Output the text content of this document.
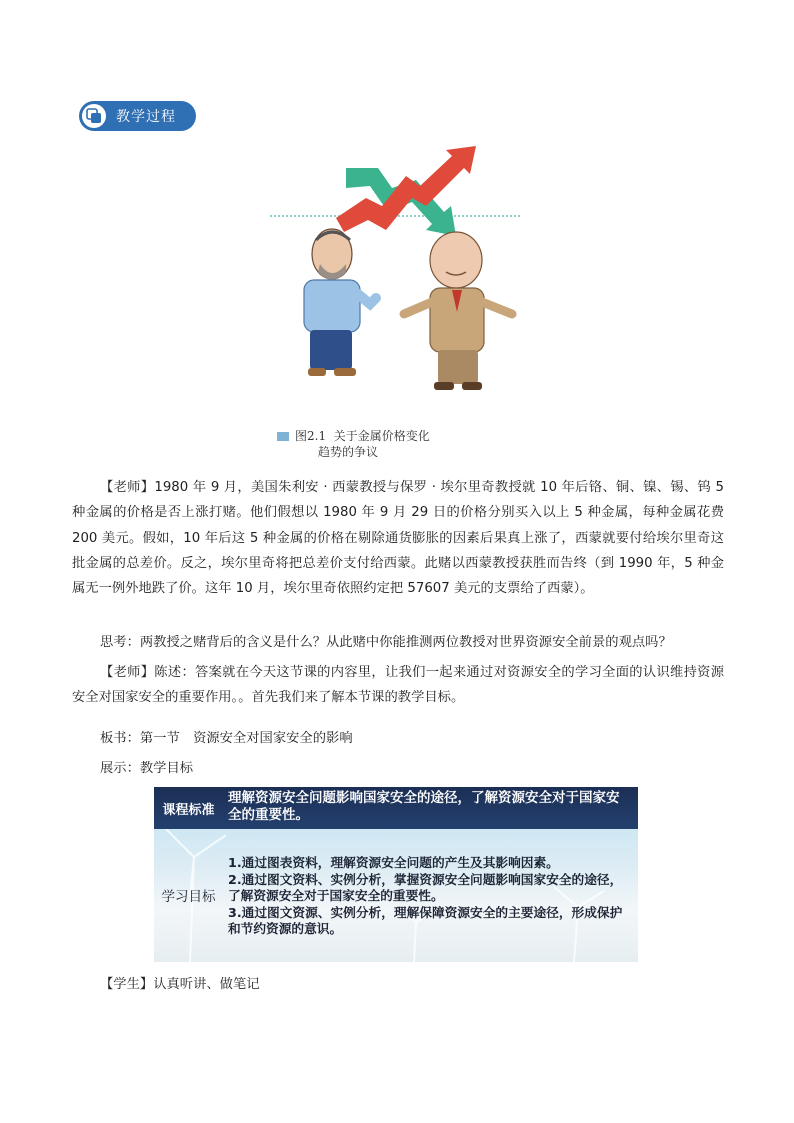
教学过程
图2.1 关于金属价格变化
趋势的争议
【老师】1980 年 9 月，美国朱利安 · 西蒙教授与保罗 · 埃尔里奇教授就 10 年后铬、铜、镍、锡、钨 5 种金属的价格是否上涨打赌。他们假想以 1980 年 9 月 29 日的价格分别买入以上 5 种金属，每种金属花费 200 美元。假如，10 年后这 5 种金属的价格在剔除通货膨胀的因素后果真上涨了，西蒙就要付给埃尔里奇这批金属的总差价。反之，埃尔里奇将把总差价支付给西蒙。此赌以西蒙教授获胜而告终（到 1990 年，5 种金属无一例外地跌了价。这年 10 月，埃尔里奇依照约定把 57607 美元的支票给了西蒙）。
思考：两教授之赌背后的含义是什么？从此赌中你能推测两位教授对世界资源安全前景的观点吗？
【老师】陈述：答案就在今天这节课的内容里，让我们一起来通过对资源安全的学习全面的认识维持资源安全对国家安全的重要作用。。首先我们来了解本节课的教学目标。
板书：第一节　资源安全对国家安全的影响
展示：教学目标
课程标准
理解资源安全问题影响国家安全的途径，了解资源安全对于国家安全的重要性。
学习目标
1.通过图表资料，理解资源安全问题的产生及其影响因素。
2.通过图文资料、实例分析，掌握资源安全问题影响国家安全的途径，了解资源安全对于国家安全的重要性。
3.通过图文资源、实例分析，理解保障资源安全的主要途径，形成保护和节约资源的意识。
【学生】认真听讲、做笔记
